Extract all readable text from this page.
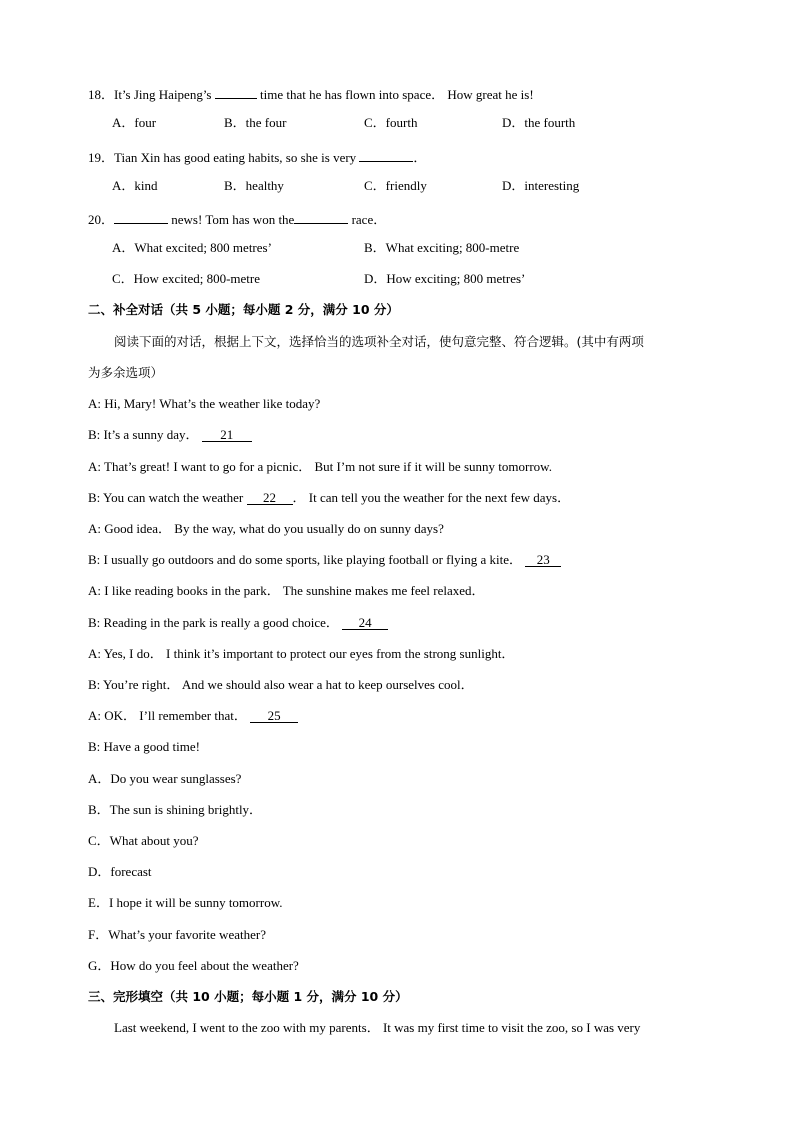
18．It’s Jing Haipeng’s	time that he has flown into space． How great he is!
A．four	B．the four	C．fourth	D．the fourth
19．Tian Xin has good eating habits, so she is very	．
A．kind	B．healthy	C．friendly	D．interesting
20．	news! Tom has won the	race．
A．What excited; 800 metres’	B．What exciting; 800-metre
C．How excited; 800-metre	D．How exciting; 800 metres’
二、补全对话（共 5 小题；每小题 2 分，满分 10 分）
阅读下面的对话，根据上下文，选择恰当的选项补全对话，使句意完整、符合逻辑。(其中有两项
为多余选项）
A: Hi, Mary! What’s the weather like today?
B: It’s a sunny day． 21
A: That’s great! I want to go for a picnic． But I’m not sure if it will be sunny tomorrow.
B: You can watch the weather 22 ． It can tell you the weather for the next few days．
A: Good idea． By the way, what do you usually do on sunny days?
B: I usually go outdoors and do some sports, like playing football or flying a kite． 23
A: I like reading books in the park． The sunshine makes me feel relaxed．
B: Reading in the park is really a good choice． 24
A: Yes, I do． I think it’s important to protect our eyes from the strong sunlight．
B: You’re right． And we should also wear a hat to keep ourselves cool．
A: OK． I’ll remember that． 25
B: Have a good time!
A．Do you wear sunglasses?
B．The sun is shining brightly．
C．What about you?
D．forecast
E．I hope it will be sunny tomorrow.
F．What’s your favorite weather?
G．How do you feel about the weather?
三、完形填空（共 10 小题；每小题 1 分，满分 10 分）
Last weekend, I went to the zoo with my parents． It was my first time to visit the zoo, so I was very
